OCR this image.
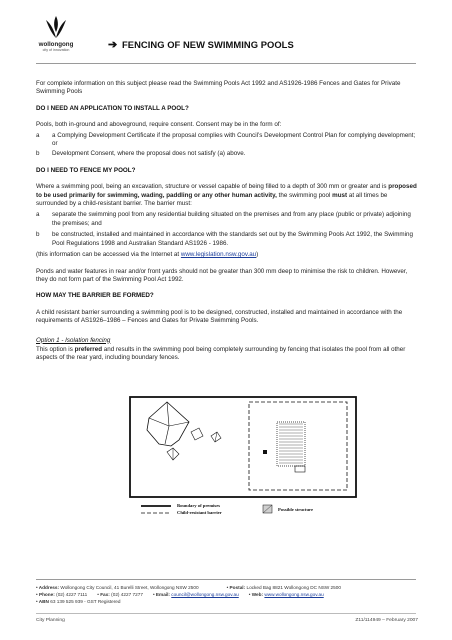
wollongong
city of innovation	➔ FENCING OF NEW SWIMMING POOLS

For complete information on this subject please read the Swimming Pools Act 1992 and AS1926-1986 Fences and Gates for Private Swimming Pools

DO I NEED AN APPLICATION TO INSTALL A POOL?

Pools, both in-ground and aboveground, require consent. Consent may be in the form of:

a	a Complying Development Certificate if the proposal complies with Council’s Development Control Plan for complying development; or
b	Development Consent, where the proposal does not satisfy (a) above.

DO I NEED TO FENCE MY POOL?

Where a swimming pool, being an excavation, structure or vessel capable of being filled to a depth of 300 mm or greater and is proposed to be used primarily for swimming, wading, paddling or any other human activity, the swimming pool must at all times be surrounded by a child-resistant barrier. The barrier must:

a	separate the swimming pool from any residential building situated on the premises and from any place (public or private) adjoining the premises; and
b	be constructed, installed and maintained in accordance with the standards set out by the Swimming Pools Act 1992, the Swimming Pool Regulations 1998 and Australian Standard AS1926 - 1986.

(this information can be accessed via the Internet at www.legislation.nsw.gov.au)

Ponds and water features in rear and/or front yards should not be greater than 300 mm deep to minimise the risk to children. However, they do not form part of the Swimming Pool Act 1992.

HOW MAY THE BARRIER BE FORMED?

A child resistant barrier surrounding a swimming pool is to be designed, constructed, installed and maintained in accordance with the requirements of AS1926–1986 – Fences and Gates for Private Swimming Pools.

Option 1 - Isolation fencing

This option is preferred and results in the swimming pool being completely surrounding by fencing that isolates the pool from all other aspects of the rear yard, including boundary fences.

Boundary of premises
Child-resistant barrier
Possible structure
• Address:
Wollongong City Council, 41 Burelli Street, Wollongong NSW 2500	• Postal:
Locked Bag 8821 Wollongong DC NSW 2500
• Phone:
(02) 4227 7111 • Fax:
(02) 4227 7277 • Email:
council@wollongong.nsw.gov.au • Web:
www.wollongong.nsw.gov.au
• ABN
63 139 525 939 - GST Registered
City Planning	Z11/114949 – February 2007
